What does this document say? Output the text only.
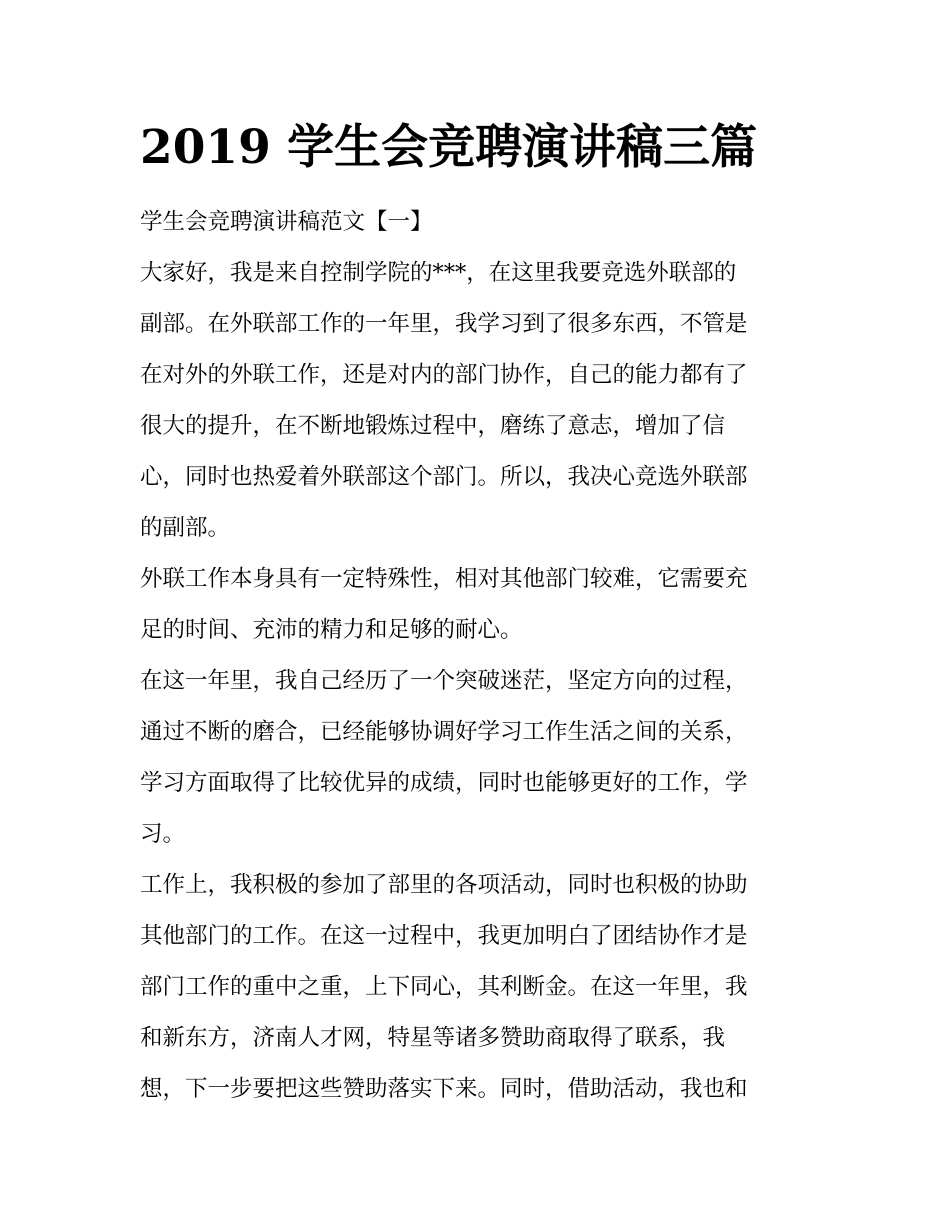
2019 学生会竞聘演讲稿三篇
学生会竞聘演讲稿范文【一】
大家好，我是来自控制学院的***，在这里我要竞选外联部的
副部。在外联部工作的一年里，我学习到了很多东西，不管是
在对外的外联工作，还是对内的部门协作，自己的能力都有了
很大的提升，在不断地锻炼过程中，磨练了意志，增加了信
心，同时也热爱着外联部这个部门。所以，我决心竞选外联部
的副部。
外联工作本身具有一定特殊性，相对其他部门较难，它需要充
足的时间、充沛的精力和足够的耐心。
在这一年里，我自己经历了一个突破迷茫，坚定方向的过程，
通过不断的磨合，已经能够协调好学习工作生活之间的关系，
学习方面取得了比较优异的成绩，同时也能够更好的工作，学
习。
工作上，我积极的参加了部里的各项活动，同时也积极的协助
其他部门的工作。在这一过程中，我更加明白了团结协作才是
部门工作的重中之重，上下同心，其利断金。在这一年里，我
和新东方，济南人才网，特星等诸多赞助商取得了联系，我
想，下一步要把这些赞助落实下来。同时，借助活动，我也和
